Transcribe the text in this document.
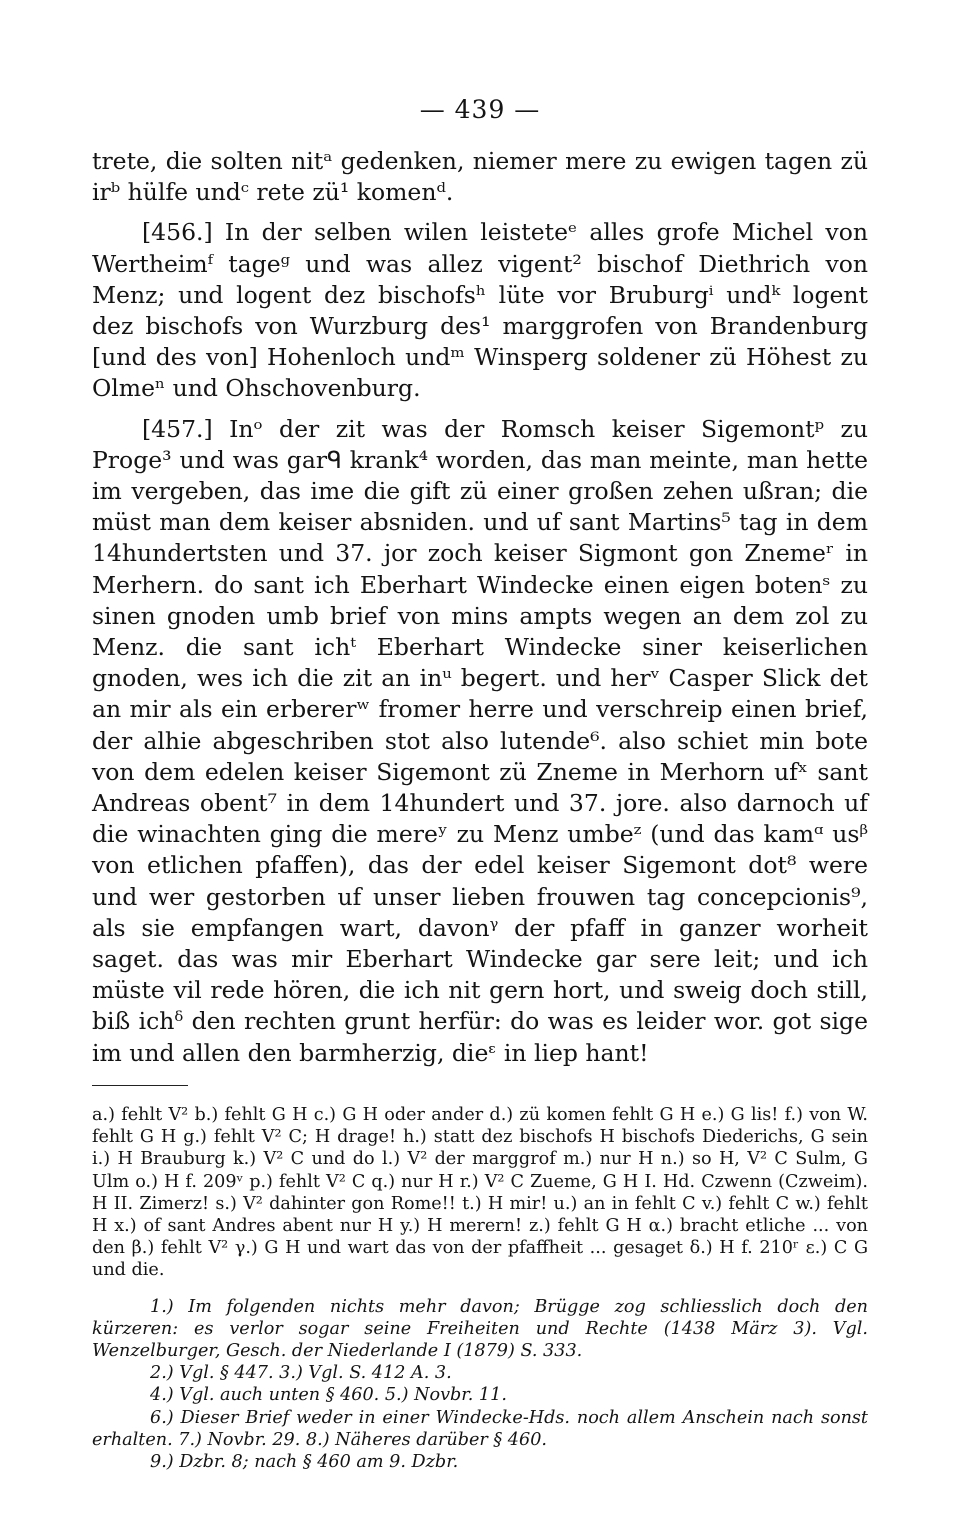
— 439 —

trete, die solten nitᵃ gedenken, niemer mere zu ewigen tagen zü irᵇ hülfe undᶜ rete zü¹ komenᵈ.

[456.] In der selben wilen leisteteᵉ alles grofe Michel von Wertheimᶠ tageᵍ und was allez vigent² bischof Diethrich von Menz; und logent dez bischofsʰ lüte vor Bruburgⁱ undᵏ logent dez bischofs von Wurzburg des¹ marggrofen von Brandenburg [und des von] Hohenloch undᵐ Winsperg soldener zü Höhest zu Olmeⁿ und Ohschovenburg.

[457.] Inᵒ der zit was der Romsch keiser Sigemontᵖ zu Proge³ und was garᑫ krank⁴ worden, das man meinte, man hette im vergeben, das ime die gift zü einer großen zehen ußran; die müst man dem keiser absniden. und uf sant Martins⁵ tag in dem 14hundertsten und 37. jor zoch keiser Sigmont gon Znemeʳ in Merhern. do sant ich Eberhart Windecke einen eigen botenˢ zu sinen gnoden umb brief von mins ampts wegen an dem zol zu Menz. die sant ichᵗ Eberhart Windecke siner keiserlichen gnoden, wes ich die zit an inᵘ begert. und herᵛ Casper Slick det an mir als ein erbererʷ fromer herre und verschreip einen brief, der alhie abgeschriben stot also lutende⁶. also schiet min bote von dem edelen keiser Sigemont zü Zneme in Merhorn ufˣ sant Andreas obent⁷ in dem 14hundert und 37. jore. also darnoch uf die winachten ging die mereʸ zu Menz umbeᶻ (und das kamᵅ usᵝ von etlichen pfaffen), das der edel keiser Sigemont dot⁸ were und wer gestorben uf unser lieben frouwen tag concepcionis⁹, als sie empfangen wart, davonᵞ der pfaff in ganzer worheit saget. das was mir Eberhart Windecke gar sere leit; und ich müste vil rede hören, die ich nit gern hort, und sweig doch still, biß ichᵟ den rechten grunt herfür: do was es leider wor. got sige im und allen den barmherzig, dieᵋ in liep hant!

a.) fehlt V² b.) fehlt G H c.) G H oder ander d.) zü komen fehlt G H e.) G lis! f.) von W. fehlt G H g.) fehlt V² C; H drage! h.) statt dez bischofs H bischofs Diederichs, G sein i.) H Brauburg k.) V² C und do l.) V² der marggrof m.) nur H n.) so H, V² C Sulm, G Ulm o.) H f. 209ᵛ p.) fehlt V² C q.) nur H r.) V² C Zueme, G H I. Hd. Czwenn (Czweim). H II. Zimerz! s.) V² dahinter gon Rome!! t.) H mir! u.) an in fehlt C v.) fehlt C w.) fehlt H x.) of sant Andres abent nur H y.) H merern! z.) fehlt G H α.) bracht etliche ... von den β.) fehlt V² γ.) G H und wart das von der pfaffheit ... gesaget δ.) H f. 210ʳ ε.) C G und die.

1.) Im folgenden nichts mehr davon; Brügge zog schliesslich doch den kürzeren: es verlor sogar seine Freiheiten und Rechte (1438 März 3). Vgl. Wenzelburger, Gesch. der Niederlande I (1879) S. 333.

2.) Vgl. § 447. 3.) Vgl. S. 412 A. 3.

4.) Vgl. auch unten § 460. 5.) Novbr. 11.

6.) Dieser Brief weder in einer Windecke-Hds. noch allem Anschein nach sonst erhalten. 7.) Novbr. 29. 8.) Näheres darüber § 460.

9.) Dzbr. 8; nach § 460 am 9. Dzbr.
